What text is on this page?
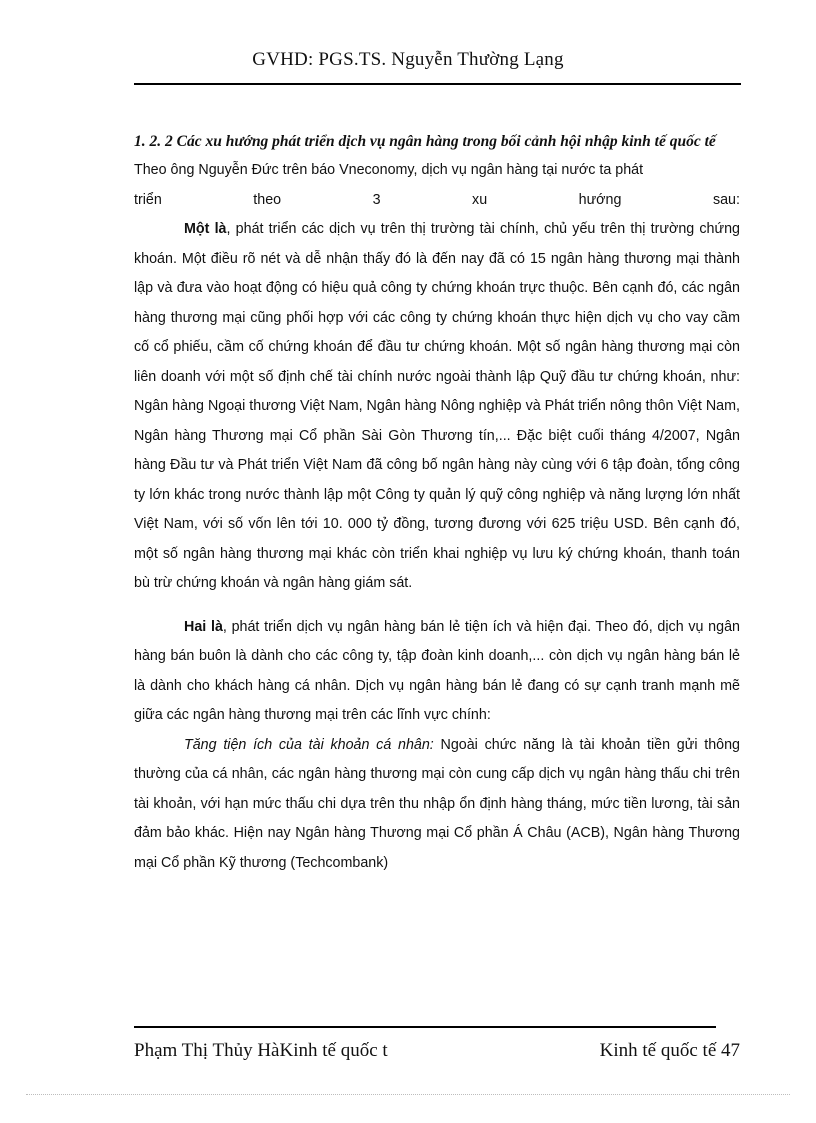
GVHD: PGS.TS. Nguyễn Thường Lạng

1. 2. 2 Các xu hướng phát triển dịch vụ ngân hàng trong bối cảnh hội nhập kinh tế quốc tế

Theo ông Nguyễn Đức trên báo Vneconomy, dịch vụ ngân hàng tại nước ta phát

triển	theo	3	xu	hướng	sau:

Một là, phát triển các dịch vụ trên thị trường tài chính, chủ yếu trên thị trường chứng khoán. Một điều rõ nét và dễ nhận thấy đó là đến nay đã có 15 ngân hàng thương mại thành lập và đưa vào hoạt động có hiệu quả công ty chứng khoán trực thuộc. Bên cạnh đó, các ngân hàng thương mại cũng phối hợp với các công ty chứng khoán thực hiện dịch vụ cho vay cầm cố cổ phiếu, cầm cố chứng khoán để đầu tư chứng khoán. Một số ngân hàng thương mại còn liên doanh với một số định chế tài chính nước ngoài thành lập Quỹ đầu tư chứng khoán, như: Ngân hàng Ngoại thương Việt Nam, Ngân hàng Nông nghiệp và Phát triển nông thôn Việt Nam, Ngân hàng Thương mại Cổ phần Sài Gòn Thương tín,... Đặc biệt cuối tháng 4/2007, Ngân hàng Đầu tư và Phát triển Việt Nam đã công bố ngân hàng này cùng với 6 tập đoàn, tổng công ty lớn khác trong nước thành lập một Công ty quản lý quỹ công nghiệp và năng lượng lớn nhất Việt Nam, với số vốn lên tới 10. 000 tỷ đồng, tương đương với 625 triệu USD. Bên cạnh đó, một số ngân hàng thương mại khác còn triển khai nghiệp vụ lưu ký chứng khoán, thanh toán bù trừ chứng khoán và ngân hàng giám sát.

Hai là, phát triển dịch vụ ngân hàng bán lẻ tiện ích và hiện đại. Theo đó, dịch vụ ngân hàng bán buôn là dành cho các công ty, tập đoàn kinh doanh,... còn dịch vụ ngân hàng bán lẻ là dành cho khách hàng cá nhân. Dịch vụ ngân hàng bán lẻ đang có sự cạnh tranh mạnh mẽ giữa các ngân hàng thương mại trên các lĩnh vực chính:

Tăng tiện ích của tài khoản cá nhân: Ngoài chức năng là tài khoản tiền gửi thông thường của cá nhân, các ngân hàng thương mại còn cung cấp dịch vụ ngân hàng thấu chi trên tài khoản, với hạn mức thấu chi dựa trên thu nhập ổn định hàng tháng, mức tiền lương, tài sản đảm bảo khác. Hiện nay Ngân hàng Thương mại Cổ phần Á Châu (ACB), Ngân hàng Thương mại Cổ phần Kỹ thương (Techcombank)

Phạm Thị Thủy HàKinh tế quốc t	Kinh tế quốc tế 47
